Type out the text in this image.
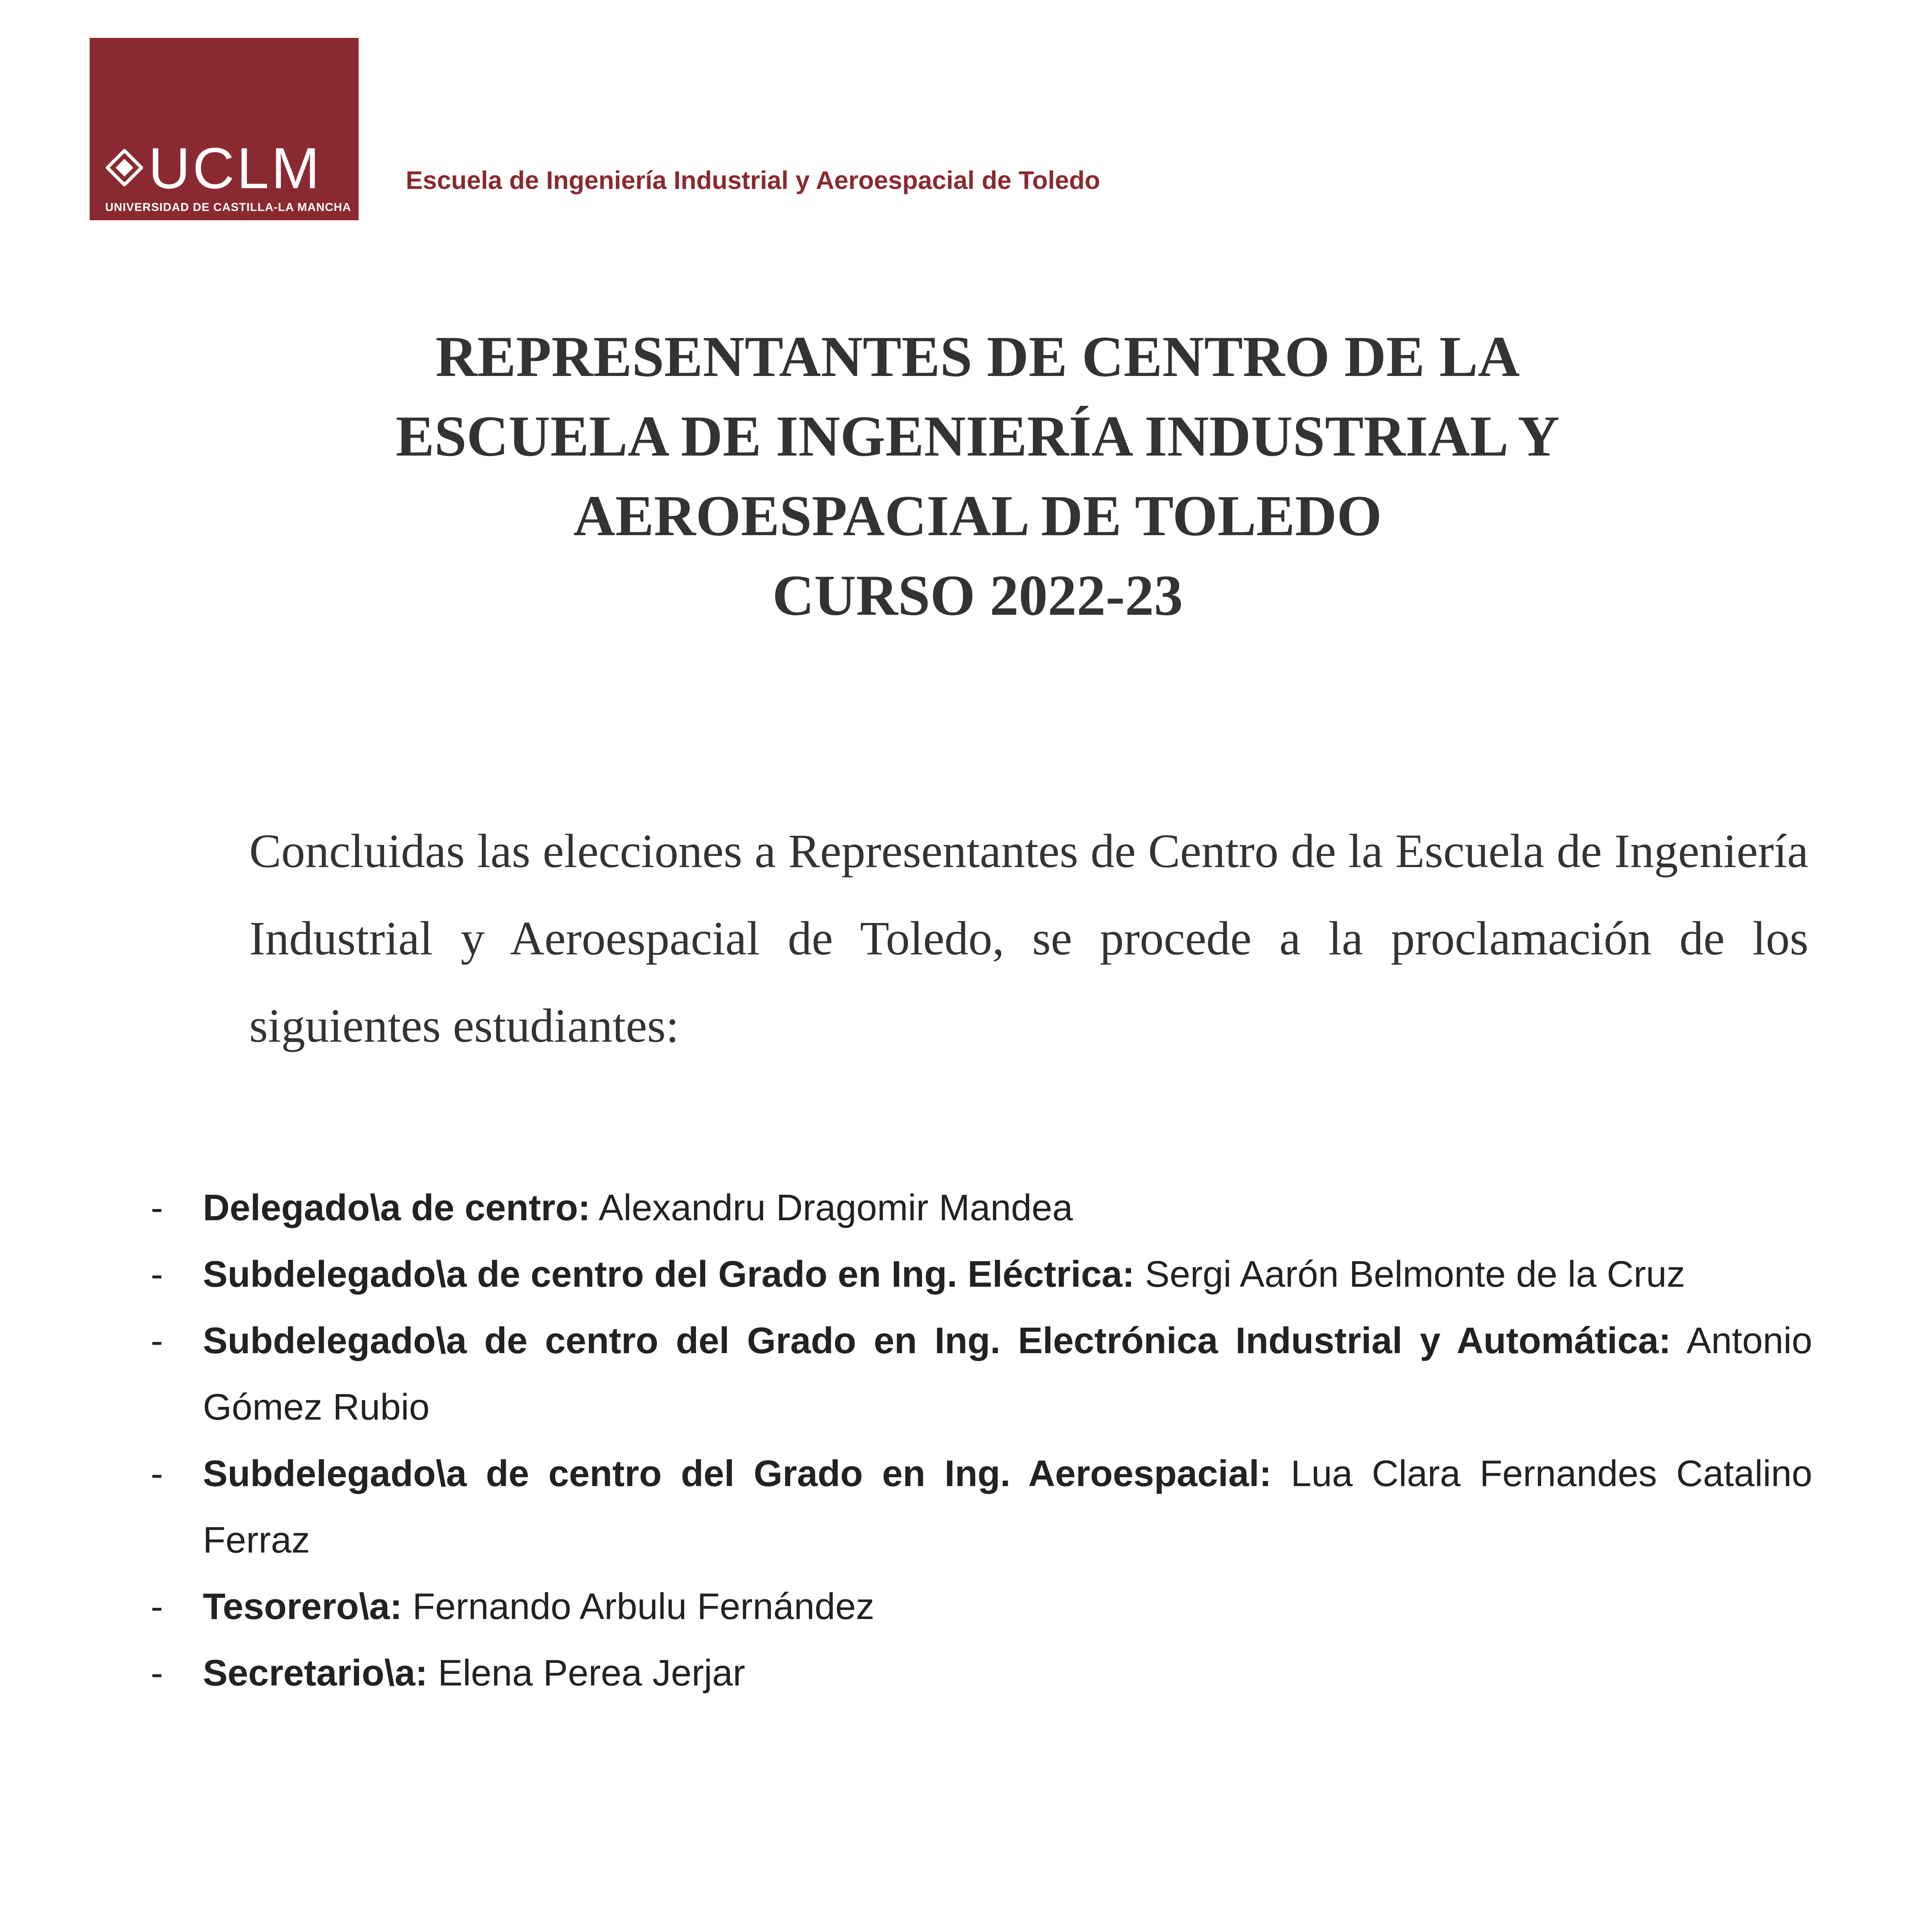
UCLM
UNIVERSIDAD DE CASTILLA-LA MANCHA
Escuela de Ingeniería Industrial y Aeroespacial de Toledo
REPRESENTANTES DE CENTRO DE LA
ESCUELA DE INGENIERÍA INDUSTRIAL Y
AEROESPACIAL DE TOLEDO
CURSO 2022-23

Concluidas las elecciones a Representantes de Centro de la Escuela de Ingeniería Industrial y Aeroespacial de Toledo, se procede a la proclamación de los siguientes estudiantes:

- Delegado\a de centro: Alexandru Dragomir Mandea
- Subdelegado\a de centro del Grado en Ing. Eléctrica: Sergi Aarón Belmonte de la Cruz
- Subdelegado\a de centro del Grado en Ing. Electrónica Industrial y Automática: Antonio Gómez Rubio
- Subdelegado\a de centro del Grado en Ing. Aeroespacial: Lua Clara Fernandes Catalino Ferraz
- Tesorero\a: Fernando Arbulu Fernández
- Secretario\a: Elena Perea Jerjar
